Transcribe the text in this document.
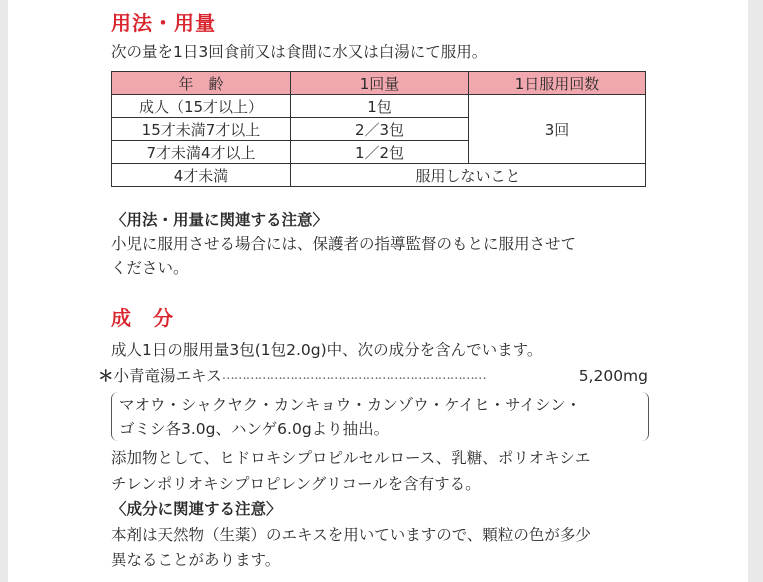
用法・用量
次の量を1日3回食前又は食間に水又は白湯にて服用。
年　齢	1回量	1日服用回数
成人（15才以上）	1包	3回
15才未満7才以上	2／3包	
7才未満4才以上	1／2包	
4才未満	服用しないこと	
〈用法・用量に関連する注意〉
小児に服用させる場合には、保護者の指導監督のもとに服用させて
ください。
成　分
成人1日の服用量3包(1包2.0g)中、次の成分を含んでいます。
＊小青竜湯エキス…………………………………………………………	5,200mg
マオウ・シャクヤク・カンキョウ・カンゾウ・ケイヒ・サイシン・
ゴミシ各3.0g、ハンゲ6.0gより抽出。
添加物として、ヒドロキシプロピルセルロース、乳糖、ポリオキシエ
チレンポリオキシプロピレングリコールを含有する。
〈成分に関連する注意〉
本剤は天然物（生薬）のエキスを用いていますので、顆粒の色が多少
異なることがあります。
